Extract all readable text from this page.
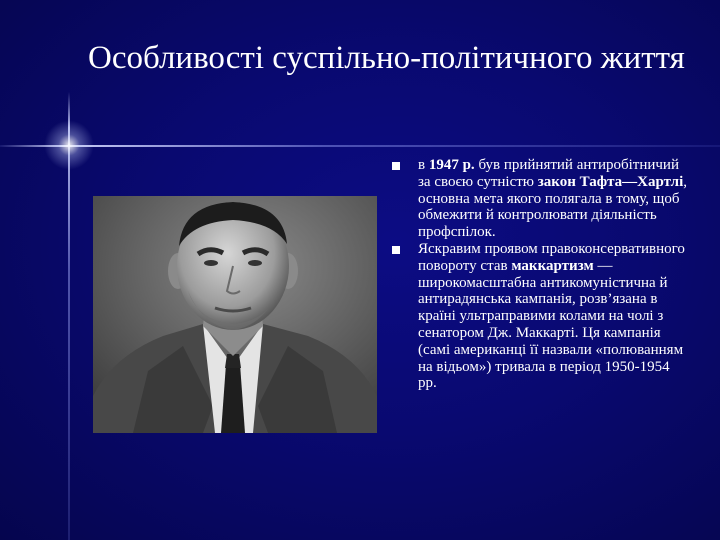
Особливості суспільно-політичного життя
в 1947 р. був прийнятий антиробітничий за своєю сутністю закон Тафта—Хартлі, основна мета якого полягала в тому, щоб обмежити й контролювати діяльність профспілок.
Яскравим проявом правоконсервативного повороту став маккартизм — широкомасштабна антикомуністична й антирадянська кампанія, розв’язана в країні ультраправими колами на чолі з сенатором Дж. Маккарті. Ця кампанія (самі американці її назвали «полюванням на відьом») тривала в період 1950-1954 рр.
